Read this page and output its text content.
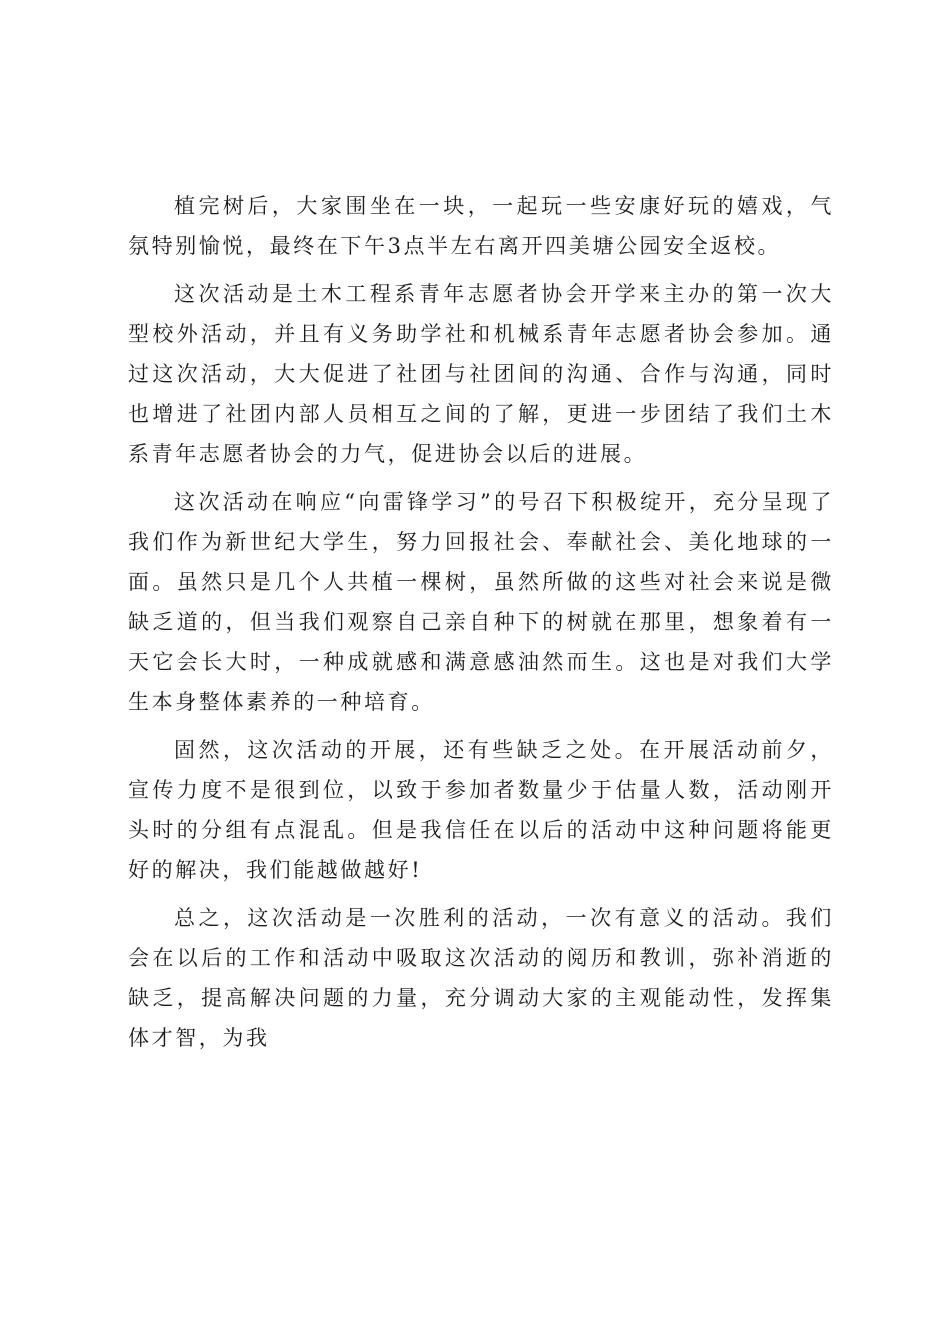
植完树后，大家围坐在一块，一起玩一些安康好玩的嬉戏，气氛特别愉悦，最终在下午3点半左右离开四美塘公园安全返校。

这次活动是土木工程系青年志愿者协会开学来主办的第一次大型校外活动，并且有义务助学社和机械系青年志愿者协会参加。通过这次活动，大大促进了社团与社团间的沟通、合作与沟通，同时也增进了社团内部人员相互之间的了解，更进一步团结了我们土木系青年志愿者协会的力气，促进协会以后的进展。

这次活动在响应“向雷锋学习”的号召下积极绽开，充分呈现了我们作为新世纪大学生，努力回报社会、奉献社会、美化地球的一面。虽然只是几个人共植一棵树，虽然所做的这些对社会来说是微缺乏道的，但当我们观察自己亲自种下的树就在那里，想象着有一天它会长大时，一种成就感和满意感油然而生。这也是对我们大学生本身整体素养的一种培育。

固然，这次活动的开展，还有些缺乏之处。在开展活动前夕，宣传力度不是很到位，以致于参加者数量少于估量人数，活动刚开头时的分组有点混乱。但是我信任在以后的活动中这种问题将能更好的解决，我们能越做越好!

总之，这次活动是一次胜利的活动，一次有意义的活动。我们会在以后的工作和活动中吸取这次活动的阅历和教训，弥补消逝的缺乏，提高解决问题的力量，充分调动大家的主观能动性，发挥集体才智，为我
